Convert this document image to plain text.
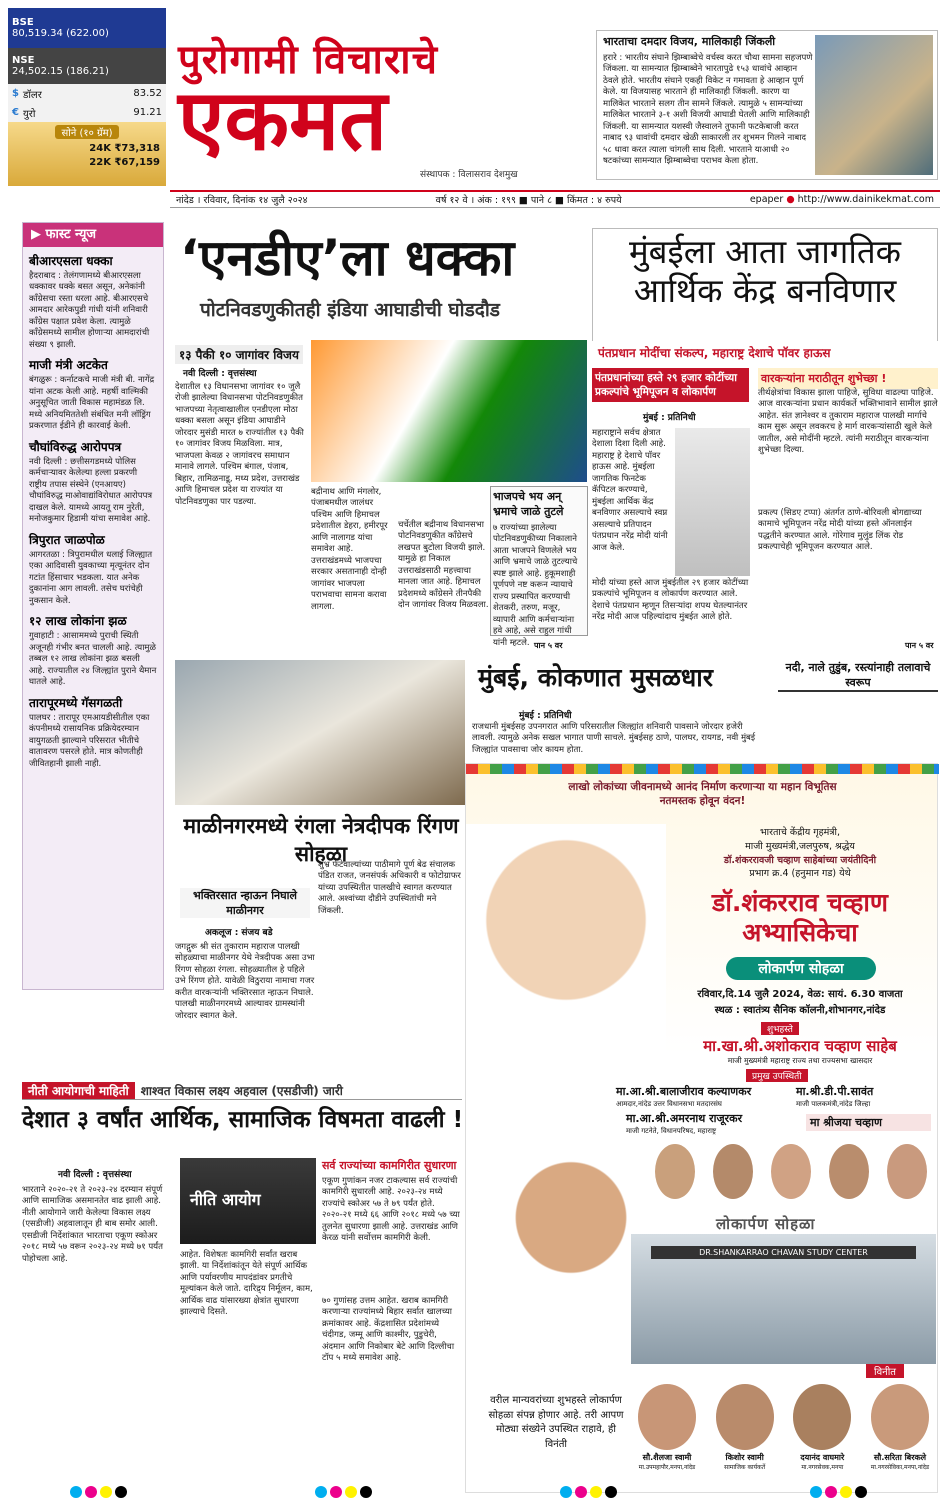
BSE
80,519.34 (622.00)
NSE
24,502.15 (186.21)
$ डॉलर	83.52
€ युरो	91.21
सोने (१० ग्रॅम)
24K ₹73,318
22K ₹67,159
पुरोगामी विचाराचे
एकमत
संस्थापक : विलासराव देशमुख
भारताचा दमदार विजय, मालिकाही जिंकली
हरारे : भारतीय संघाने झिम्बाब्वेचे वर्चस्व करत चौथा सामना सहजपणे जिंकला. या सामन्यात झिम्बाब्वेने भारतापुढे १५३ धावांचे आव्हान ठेवले होते. भारतीय संघाने एकही विकेट न गमावता हे आव्हान पूर्ण केले. या विजयासह भारताने ही मालिकाही जिंकली. कारण या मालिकेत भारताने सलग तीन सामने जिंकले. त्यामुळे ५ सामन्यांच्या मालिकेत भारताने ३-१ अशी विजयी आघाडी घेतली आणि मालिकाही जिंकली. या सामन्यात यशस्वी जैस्वालने तुफानी फटकेबाजी करत नाबाद ९३ धावांची दमदार खेळी साकारली तर शुभमन गिलने नाबाद ५८ धावा करत त्याला चांगली साथ दिली. भारताने याआधी २० षटकांच्या सामन्यात झिम्बाब्वेचा पराभव केला होता.
नांदेड । रविवार, दिनांक १४ जुलै २०२४	वर्ष १२ वे । अंक : १९९ ■ पाने ८ ■ किंमत : ४ रुपये	epaper ● http://www.dainikekmat.com
▶ फास्ट न्यूज
बीआरएसला धक्का
हैदराबाद : तेलंगणामध्ये बीआरएसला धक्कावर धक्के बसत असून, अनेकांनी काँग्रेसचा रस्ता धरला आहे. बीआरएसचे आमदार आरेकपुडी गांधी यांनी शनिवारी काँग्रेस पक्षात प्रवेश केला. त्यामुळे काँग्रेसमध्ये सामील होणाऱ्या आमदारांची संख्या ९ झाली.
माजी मंत्री अटकेत
बंगळुरू : कर्नाटकचे माजी मंत्री बी. नागेंद्र यांना अटक केली आहे. महर्षी वाल्मिकी अनुसूचित जाती विकास महामंडळ लि. मध्ये अनियमिततेशी संबंधित मनी लॉड्रिंग प्रकरणात ईडीने ही कारवाई केली.
चौघांविरुद्ध आरोपपत्र
नवी दिल्ली : छत्तीसगडमध्ये पोलिस कर्मचाऱ्यावर केलेल्या हल्ला प्रकरणी राष्ट्रीय तपास संस्थेने (एनआयए) चौघांविरुद्ध माओवाद्यांविरोधात आरोपपत्र दाखल केले. यामध्ये आयतू राम नुरेती, मनोजकुमार हिडामी यांचा समावेश आहे.
त्रिपुरात जाळपोळ
आगरतळा : त्रिपुरामधील धलाई जिल्ह्यात एका आदिवासी युवकाच्या मृत्यूनंतर दोन गटांत हिंसाचार भडकला. यात अनेक दुकानांना आग लावली. तसेच घरांचेही नुकसान केले.
१२ लाख लोकांना झळ
गुवाहाटी : आसाममध्ये पुराची स्थिती अजूनही गंभीर बनत चालली आहे. त्यामुळे तब्बल १२ लाख लोकांना झळ बसली आहे. राज्यातील २४ जिल्ह्यांत पुराने थैमान घातले आहे.
तारापूरमध्ये गॅसगळती
पालघर : तारापूर एमआयडीसीतील एका कंपनीमध्ये रासायनिक प्रक्रियेदरम्यान वायुगळती झाल्याने परिसरात भीतीचे वातावरण पसरले होते. मात्र कोणतीही जीवितहानी झाली नाही.
‘एनडीए’ला धक्का
पोटनिवडणुकीतही इंडिया आघाडीची घोडदौड
१३ पैकी १० जागांवर विजय
नवी दिल्ली : वृत्तसंस्था
देशातील १३ विधानसभा जागांवर १० जुलै रोजी झालेल्या विधानसभा पोटनिवडणुकीत भाजपच्या नेतृत्वाखालील एनडीएला मोठा धक्का बसला असून इंडिया आघाडीने जोरदार मुसंडी मारत ७ राज्यांतील १३ पैकी १० जागांवर विजय मिळविला. मात्र, भाजपला केवळ २ जागांवरच समाधान मानावे लागले. पश्चिम बंगाल, पंजाब, बिहार, तामिळनाडू, मध्य प्रदेश, उत्तराखंड आणि हिमाचल प्रदेश या राज्यांत या पोटनिवडणुका पार पडल्या.
बद्रीनाथ आणि मंगलोर, पंजाबमधील जालंधर पश्चिम आणि हिमाचल प्रदेशातील डेहरा, हमीरपूर आणि नालागड यांचा समावेश आहे. उत्तराखंडमध्ये भाजपचा सरकार असतानाही दोन्ही जागांवर भाजपला पराभवाचा सामना करावा लागला.
चर्चेतील बद्रीनाथ विधानसभा पोटनिवडणुकीत काँग्रेसचे लखपत बुटोला विजयी झाले. यामुळे हा निकाल उत्तराखंडसाठी महत्त्वाचा मानला जात आहे. हिमाचल प्रदेशमध्ये काँग्रेसने तीनपैकी दोन जागांवर विजय मिळवला.
पान ५ वर
भाजपचे भय अन् भ्रमाचे जाळे तुटले
७ राज्यांच्या झालेल्या पोटनिवडणुकीच्या निकालाने आता भाजपने विणलेले भय आणि भ्रमाचे जाळे तुटल्याचे स्पष्ट झाले आहे. हुकूमशाही पूर्णपणे नष्ट करून न्यायाचे राज्य प्रस्थापित करण्याची शेतकरी, तरुण, मजूर, व्यापारी आणि कर्मचाऱ्यांना हवे आहे, असे राहुल गांधी यांनी म्हटले.
मुंबईला आता जागतिक आर्थिक केंद्र बनविणार
पंतप्रधान मोदींचा संकल्प, महाराष्ट्र देशाचे पॉवर हाऊस
पंतप्रधानांच्या हस्ते २९ हजार कोटींच्या प्रकल्पांचे भूमिपूजन व लोकार्पण
मुंबई : प्रतिनिधी
महाराष्ट्राने सर्वच क्षेत्रात देशाला दिशा दिली आहे. महाराष्ट्र हे देशाचे पॉवर हाऊस आहे. मुंबईला जागतिक फिनटेक कॅपिटल करण्याचे, मुंबईला आर्थिक केंद्र बनविणार असल्याचे स्वप्न असल्याचे प्रतिपादन पंतप्रधान नरेंद्र मोदी यांनी आज केले.
मोदी यांच्या हस्ते आज मुंबईतील २९ हजार कोटींच्या प्रकल्पांचे भूमिपूजन व लोकार्पण करण्यात आले. देशाचे पंतप्रधान म्हणून तिसऱ्यांदा शपथ घेतल्यानंतर नरेंद्र मोदी आज पहिल्यांदाच मुंबईत आले होते.
वारकऱ्यांना मराठीतून शुभेच्छा !
तीर्थक्षेत्रांचा विकास झाला पाहिजे, सुविधा वाढल्या पाहिजे. आज वारकऱ्यांना प्रधान कार्यकर्ते भक्तिभावाने सामील झाले आहेत. संत ज्ञानेश्वर व तुकाराम महाराज पालखी मार्गाचे काम सुरू असून लवकरच हे मार्ग वारकऱ्यांसाठी खुले केले जातील, असे मोदींनी म्हटले. त्यांनी मराठीतून वारकऱ्यांना शुभेच्छा दिल्या.
प्रकल्प (सिडए टप्पा) अंतर्गत ठाणे-बोरिवली बोगद्याच्या कामाचे भूमिपूजन नरेंद्र मोदी यांच्या हस्ते ऑनलाईन पद्धतीने करण्यात आले. गोरेगाव मुलुंड लिंक रोड प्रकल्पाचेही भूमिपूजन करण्यात आले.
पान ५ वर
मुंबई, कोकणात मुसळधार
मुंबई : प्रतिनिधी
राजधानी मुंबईसह उपनगरात आणि परिसरातील जिल्ह्यांत शनिवारी पावसाने जोरदार हजेरी लावली. त्यामुळे अनेक सखल भागात पाणी साचले. मुंबईसह ठाणे, पालघर, रायगड, नवी मुंबई जिल्ह्यांत पावसाचा जोर कायम होता.
नदी, नाले तुडुंब, रस्त्यांनाही तलावाचे स्वरूप
माळीनगरमध्ये रंगला नेत्रदीपक रिंगण सोहळा
भक्तिरसात न्हाऊन निघाले माळीनगर
अकलूज : संजय बडे
जगद्गुरू श्री संत तुकाराम महाराज पालखी सोहळ्याचा माळीनगर येथे नेत्रदीपक असा उभा रिंगण सोहळा रंगला. सोहळ्यातील हे पहिले उभे रिंगण होते. यावेळी विठुराया नामाचा गजर करीत वारकऱ्यांनी भक्तिरसात न्हाऊन निघाले. पालखी माळीनगरमध्ये आल्यावर ग्रामस्थांनी जोरदार स्वागत केले.
शुभ्र फेटेवाल्यांच्या पाठीमागे पूर्ण बेढ संचालक पंडित राजत, जनसंपर्क अधिकारी व फोटोग्राफर यांच्या उपस्थितीत पालखीचे स्वागत करण्यात आले. अश्वांच्या दौडीने उपस्थितांची मने जिंकली.
नीती आयोगाची माहिती	शाश्वत विकास लक्ष्य अहवाल (एसडीजी) जारी
देशात ३ वर्षांत आर्थिक, सामाजिक विषमता वाढली !
नवी दिल्ली : वृत्तसंस्था
भारताने २०२०-२१ ते २०२३-२४ दरम्यान संपूर्ण आणि सामाजिक असमानतेत वाढ झाली आहे. नीती आयोगाने जारी केलेल्या विकास लक्ष्य (एसडीजी) अहवालातून ही बाब समोर आली. एसडीजी निर्देशांकात भारताचा एकूण स्कोअर २०१८ मध्ये ५७ वरून २०२३-२४ मध्ये ७१ पर्यंत पोहोचला आहे.
नीति आयोग
आहेत. विशेषतः कामगिरी सर्वांत खराब झाली. या निर्देशांकांतून येते संपूर्ण आर्थिक आणि पर्यावरणीय मापदंडांवर प्रगतीचे मूल्यांकन केले जाते. दारिद्र्य निर्मूलन, काम, आर्थिक वाढ यांसारख्या क्षेत्रांत सुधारणा झाल्याचे दिसते.
सर्व राज्यांच्या कामगिरीत सुधारणा
एकूण गुणांकन नजर टाकल्यास सर्व राज्यांची कामगिरी सुधारली आहे. २०२३-२४ मध्ये राज्यांचे स्कोअर ५७ ते ७९ पर्यंत होते. २०२०-२१ मध्ये ६६ आणि २०१८ मध्ये ५७ च्या तुलनेत सुधारणा झाली आहे. उत्तराखंड आणि केरळ यांनी सर्वोत्तम कामगिरी केली.
७० गुणांसह उत्तम आहेत. खराब कामगिरी करणाऱ्या राज्यांमध्ये बिहार सर्वात खालच्या क्रमांकावर आहे. केंद्रशासित प्रदेशांमध्ये चंदीगड, जम्मू आणि काश्मीर, पुडुचेरी, अंदमान आणि निकोबार बेटे आणि दिल्लीचा टॉप ५ मध्ये समावेश आहे.
लाखो लोकांच्या जीवनामध्ये आनंद निर्माण करणाऱ्या या महान विभूतिस नतमस्तक होवून वंदन!
भारताचे केंद्रीय गृहमंत्री,
माजी मुख्यमंत्री,जलपुरुष, श्रद्धेय
डॉ.शंकररावजी चव्हाण साहेबांच्या जयंतीदिनी
प्रभाग क्र.4 (हनुमान गड) येथे
डॉ.शंकरराव चव्हाण
अभ्यासिकेचा
लोकार्पण सोहळा
रविवार,दि.14 जुलै 2024, वेळ: सायं. 6.30 वाजता
स्थळ : स्वातंत्र्य सैनिक कॉलनी,शोभानगर,नांदेड
शुभहस्ते
मा.खा.श्री.अशोकराव चव्हाण साहेब
माजी मुख्यमंत्री महाराष्ट्र राज्य तथा राज्यसभा खासदार
प्रमुख उपस्थिती
मा.आ.श्री.बालाजीराव कल्याणकर
आमदार,नांदेड उत्तर विधानसभा मतदारसंघ
मा.श्री.डी.पी.सावंत
माजी पालकमंत्री,नांदेड जिल्हा
मा.आ.श्री.अमरनाथ राजूरकर
माजी गटनेते, विधानपरिषद, महाराष्ट्र
मा श्रीजया चव्हाण
लोकार्पण सोहळा
DR.SHANKARRAO CHAVAN STUDY CENTER
विनीत
वरील मान्यवरांच्या शुभहस्ते लोकार्पण सोहळा संपन्न होणार आहे. तरी आपण मोठ्या संख्येने उपस्थित राहावे, ही विनंती
सौ.शैलजा स्वामी
मा.उपमहापौर,मनपा,नांदेड
किशोर स्वामी
सामाजिक कार्यकर्ते
दयानंद वाघमारे
मा.नगरसेवक,मनपा
सौ.सरिता बिरकले
मा.नगरसेविका,मनपा,नांदेड
